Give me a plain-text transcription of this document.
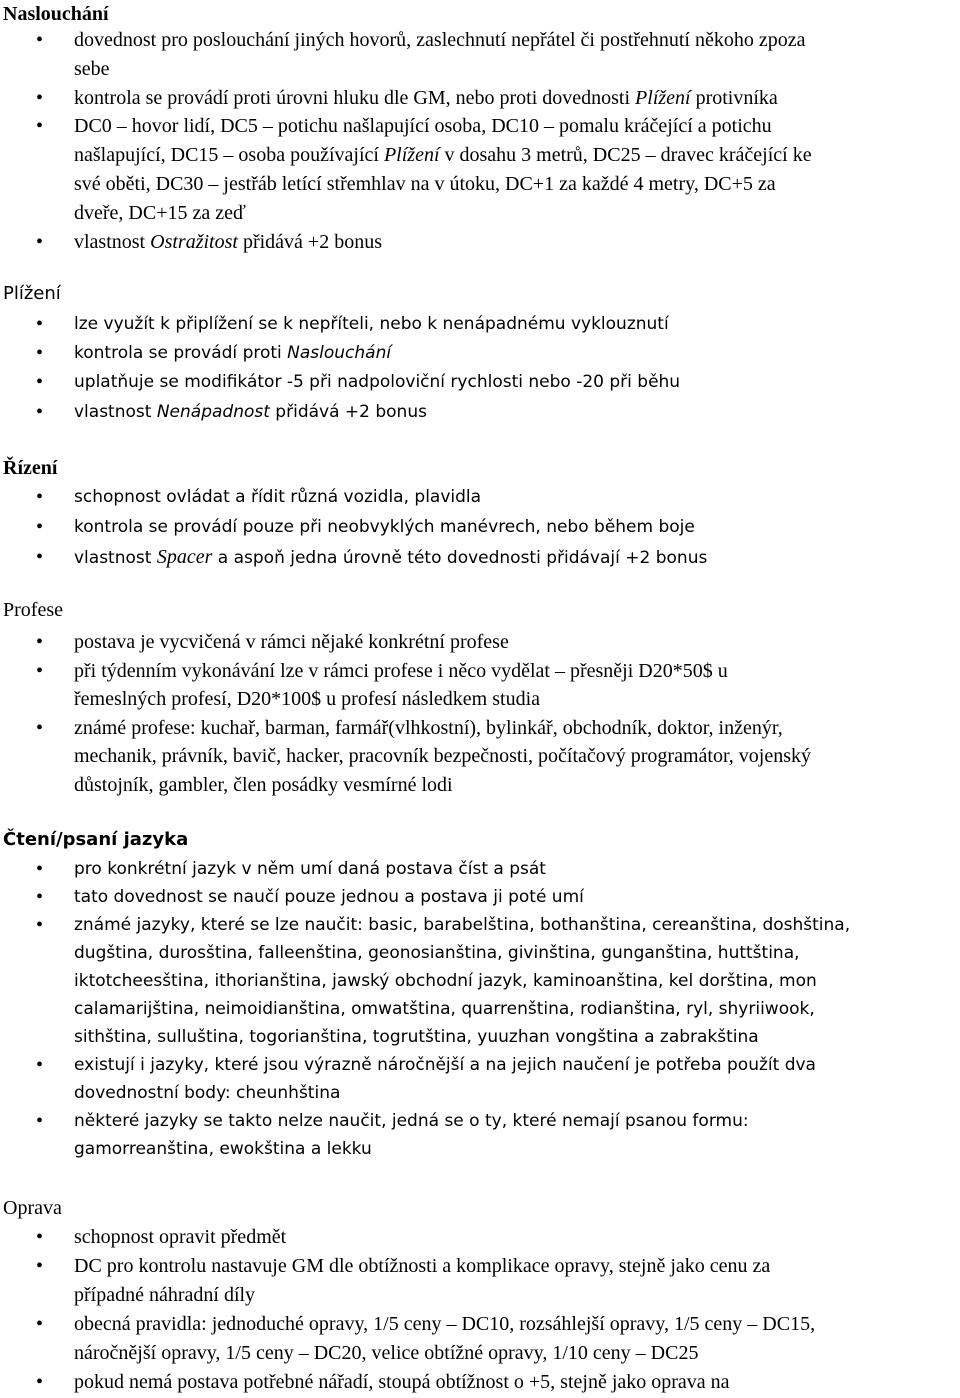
Naslouchání
• dovednost pro poslouchání jiných hovorů, zaslechnutí nepřátel či postřehnutí někoho zpoza
sebe
• kontrola se provádí proti úrovni hluku dle GM, nebo proti dovednosti Plížení protivníka
• DC0 – hovor lidí, DC5 – potichu našlapující osoba, DC10 – pomalu kráčející a potichu
našlapující, DC15 – osoba používající Plížení v dosahu 3 metrů, DC25 – dravec kráčející ke
své oběti, DC30 – jestřáb letící střemhlav na v útoku, DC+1 za každé 4 metry, DC+5 za
dveře, DC+15 za zeď
• vlastnost Ostražitost přidává +2 bonus
Plížení
• lze využít k připlížení se k nepříteli, nebo k nenápadnému vyklouznutí
• kontrola se provádí proti Naslouchání
• uplatňuje se modifikátor -5 při nadpoloviční rychlosti nebo -20 při běhu
• vlastnost Nenápadnost přidává +2 bonus
Řízení
• schopnost ovládat a řídit různá vozidla, plavidla
• kontrola se provádí pouze při neobvyklých manévrech, nebo během boje
• vlastnost Spacer a aspoň jedna úrovně této dovednosti přidávají +2 bonus
Profese
• postava je vycvičená v rámci nějaké konkrétní profese
• při týdenním vykonávání lze v rámci profese i něco vydělat – přesněji D20*50$ u
řemeslných profesí, D20*100$ u profesí následkem studia
• známé profese: kuchař, barman, farmář(vlhkostní), bylinkář, obchodník, doktor, inženýr,
mechanik, právník, bavič, hacker, pracovník bezpečnosti, počítačový programátor, vojenský
důstojník, gambler, člen posádky vesmírné lodi
Čtení/psaní jazyka
• pro konkrétní jazyk v něm umí daná postava číst a psát
• tato dovednost se naučí pouze jednou a postava ji poté umí
• známé jazyky, které se lze naučit: basic, barabelština, bothanština, cereanština, doshština,
dugština, durosština, falleenština, geonosianština, givinština, gunganština, huttština,
iktotcheesština, ithorianština, jawský obchodní jazyk, kaminoanština, kel dorština, mon
calamarijština, neimoidianština, omwatština, quarrenština, rodianština, ryl, shyriiwook,
sithština, sulluština, togorianština, togrutština, yuuzhan vongština a zabrakština
• existují i jazyky, které jsou výrazně náročnější a na jejich naučení je potřeba použít dva
dovednostní body: cheunhština
• některé jazyky se takto nelze naučit, jedná se o ty, které nemají psanou formu:
gamorreanština, ewokština a lekku
Oprava
• schopnost opravit předmět
• DC pro kontrolu nastavuje GM dle obtížnosti a komplikace opravy, stejně jako cenu za
případné náhradní díly
• obecná pravidla: jednoduché opravy, 1/5 ceny – DC10, rozsáhlejší opravy, 1/5 ceny – DC15,
náročnější opravy, 1/5 ceny – DC20, velice obtížné opravy, 1/10 ceny – DC25
• pokud nemá postava potřebné nářadí, stoupá obtížnost o +5, stejně jako oprava na
